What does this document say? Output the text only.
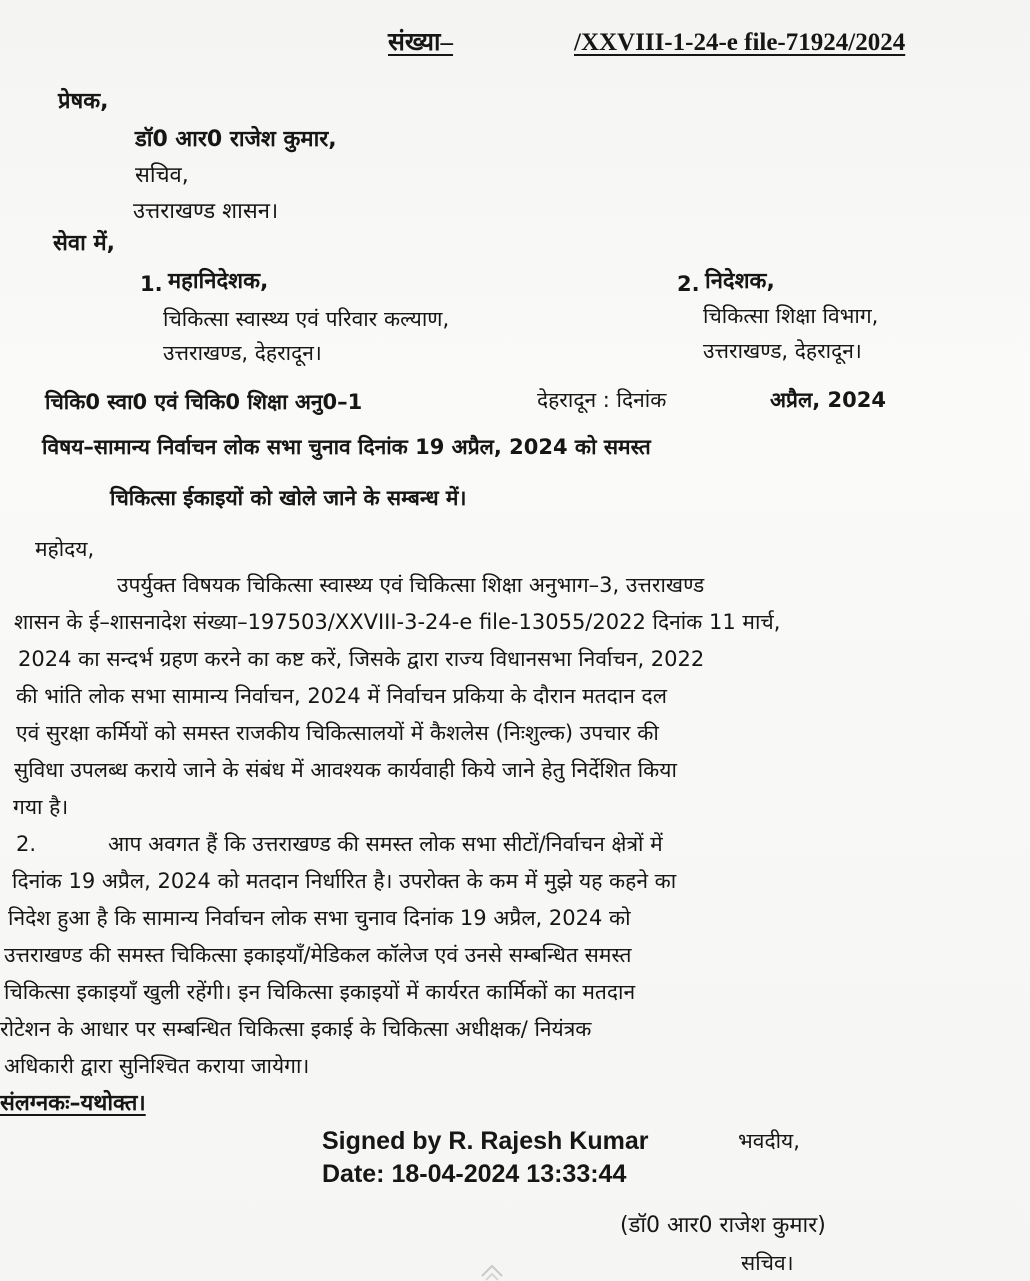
संख्या–	/XXVIII-1-24-e file-71924/2024
प्रेषक,
डॉ0 आर0 राजेश कुमार,
सचिव,
उत्तराखण्ड शासन।
सेवा में,
1. महानिदेशक,
चिकित्सा स्वास्थ्य एवं परिवार कल्याण,
उत्तराखण्ड, देहरादून।
2. निदेशक,
चिकित्सा शिक्षा विभाग,
उत्तराखण्ड, देहरादून।
चिकि0 स्वा0 एवं चिकि0 शिक्षा अनु0–1	देहरादून : दिनांक	अप्रैल, 2024
विषय–सामान्य निर्वाचन लोक सभा चुनाव दिनांक 19 अप्रैल, 2024 को समस्त
चिकित्सा ईकाइयों को खोले जाने के सम्बन्ध में।
महोदय,
उपर्युक्त विषयक चिकित्सा स्वास्थ्य एवं चिकित्सा शिक्षा अनुभाग–3, उत्तराखण्ड
शासन के ई–शासनादेश संख्या–197503/XXVIII-3-24-e file-13055/2022 दिनांक 11 मार्च,
2024 का सन्दर्भ ग्रहण करने का कष्ट करें, जिसके द्वारा राज्य विधानसभा निर्वाचन, 2022
की भांति लोक सभा सामान्य निर्वाचन, 2024 में निर्वाचन प्रकिया के दौरान मतदान दल
एवं सुरक्षा कर्मियों को समस्त राजकीय चिकित्सालयों में कैशलेस (निःशुल्क) उपचार की
सुविधा उपलब्ध कराये जाने के संबंध में आवश्यक कार्यवाही किये जाने हेतु निर्देशित किया
गया है।
2.	आप अवगत हैं कि उत्तराखण्ड की समस्त लोक सभा सीटों/निर्वाचन क्षेत्रों में
दिनांक 19 अप्रैल, 2024 को मतदान निर्धारित है। उपरोक्त के कम में मुझे यह कहने का
निदेश हुआ है कि सामान्य निर्वाचन लोक सभा चुनाव दिनांक 19 अप्रैल, 2024 को
उत्तराखण्ड की समस्त चिकित्सा इकाइयाँ/मेडिकल कॉलेज एवं उनसे सम्बन्धित समस्त
चिकित्सा इकाइयाँ खुली रहेंगी। इन चिकित्सा इकाइयों में कार्यरत कार्मिकों का मतदान
रोटेशन के आधार पर सम्बन्धित चिकित्सा इकाई के चिकित्सा अधीक्षक/ नियंत्रक
अधिकारी द्वारा सुनिश्चित कराया जायेगा।
संलग्नकः–यथोक्त।
Signed by R. Rajesh Kumar	भवदीय,
Date: 18-04-2024 13:33:44
(डॉ0 आर0 राजेश कुमार)
सचिव।
